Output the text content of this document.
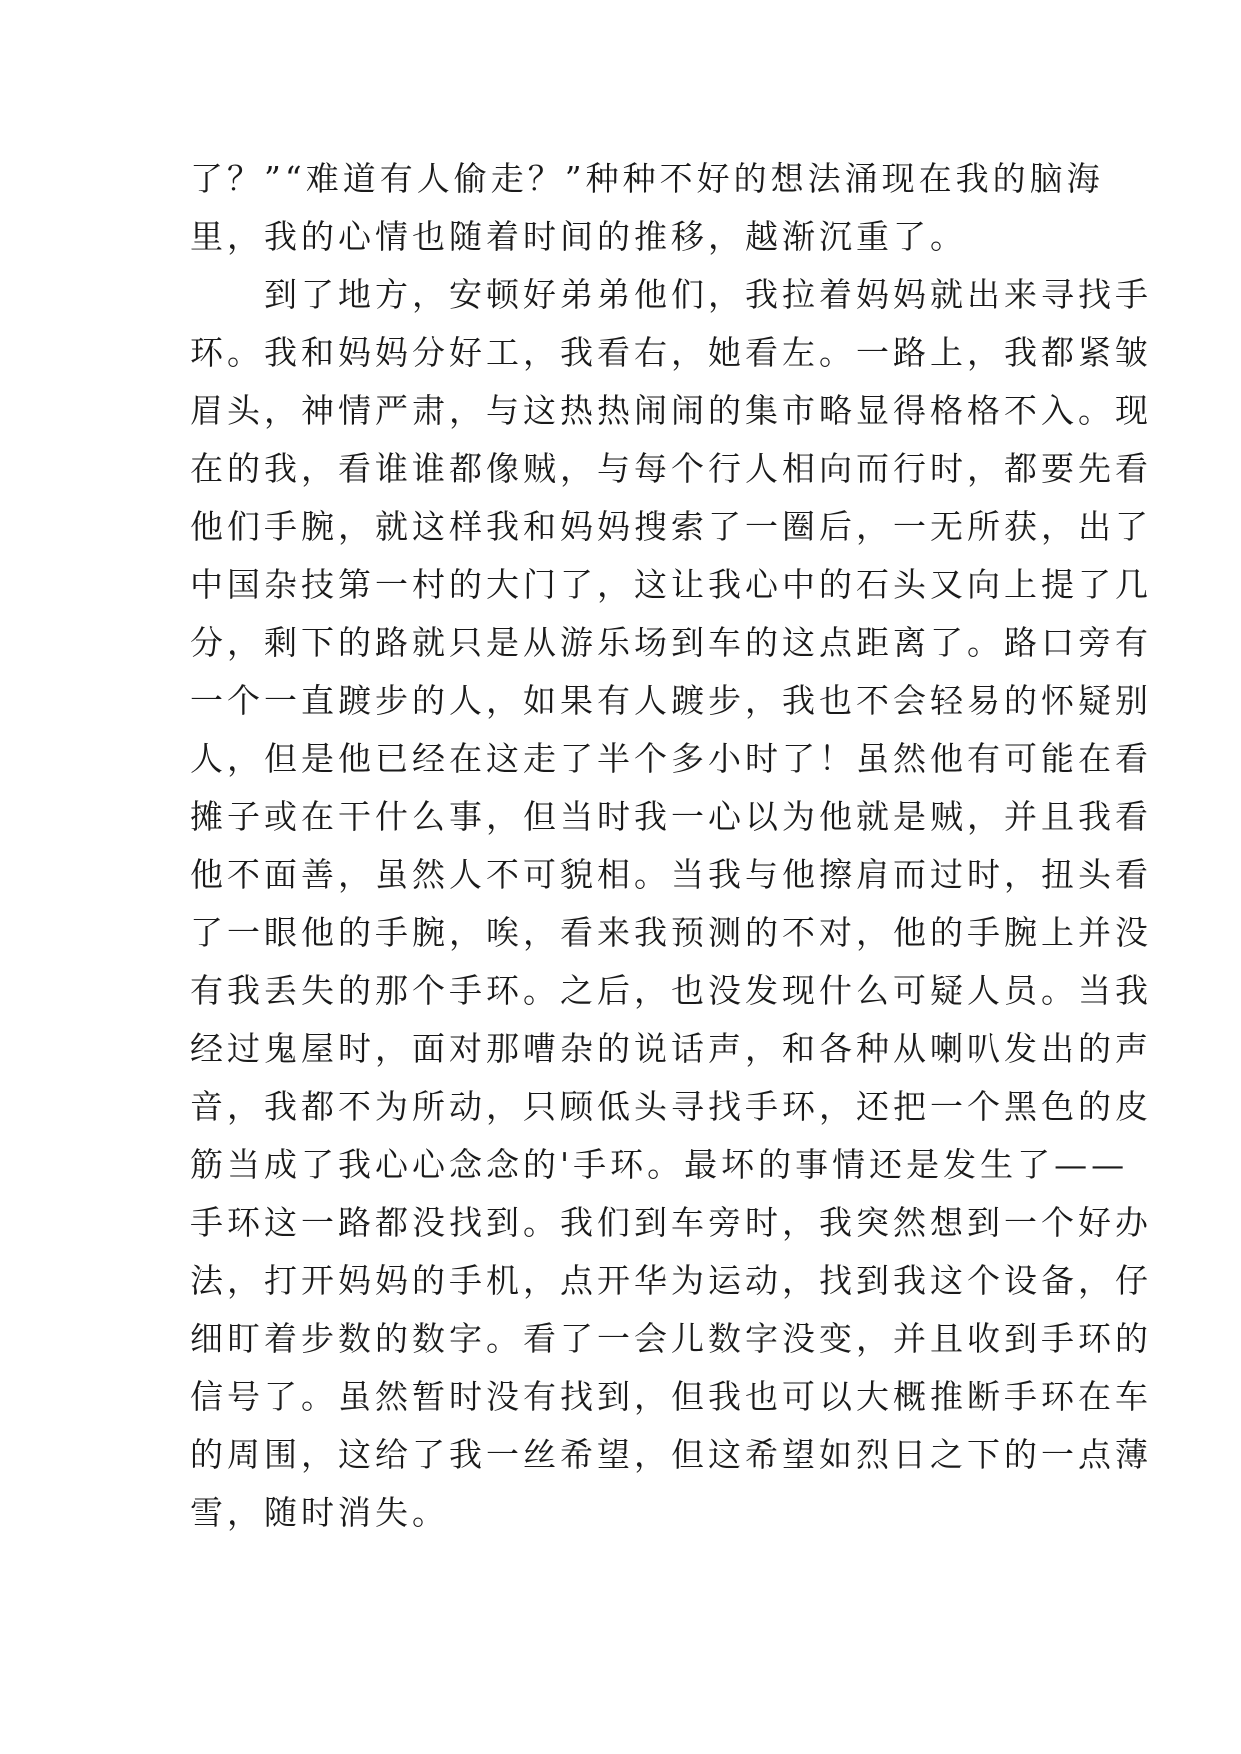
了？”“难道有人偷走？”种种不好的想法涌现在我的脑海
里，我的心情也随着时间的推移，越渐沉重了。
　　到了地方，安顿好弟弟他们，我拉着妈妈就出来寻找手
环。我和妈妈分好工，我看右，她看左。一路上，我都紧皱
眉头，神情严肃，与这热热闹闹的集市略显得格格不入。现
在的我，看谁谁都像贼，与每个行人相向而行时，都要先看
他们手腕，就这样我和妈妈搜索了一圈后，一无所获，出了
中国杂技第一村的大门了，这让我心中的石头又向上提了几
分，剩下的路就只是从游乐场到车的这点距离了。路口旁有
一个一直踱步的人，如果有人踱步，我也不会轻易的怀疑别
人，但是他已经在这走了半个多小时了！虽然他有可能在看
摊子或在干什么事，但当时我一心以为他就是贼，并且我看
他不面善，虽然人不可貌相。当我与他擦肩而过时，扭头看
了一眼他的手腕，唉，看来我预测的不对，他的手腕上并没
有我丢失的那个手环。之后，也没发现什么可疑人员。当我
经过鬼屋时，面对那嘈杂的说话声，和各种从喇叭发出的声
音，我都不为所动，只顾低头寻找手环，还把一个黑色的皮
筋当成了我心心念念的'手环。最坏的事情还是发生了——
手环这一路都没找到。我们到车旁时，我突然想到一个好办
法，打开妈妈的手机，点开华为运动，找到我这个设备，仔
细盯着步数的数字。看了一会儿数字没变，并且收到手环的
信号了。虽然暂时没有找到，但我也可以大概推断手环在车
的周围，这给了我一丝希望，但这希望如烈日之下的一点薄
雪，随时消失。
